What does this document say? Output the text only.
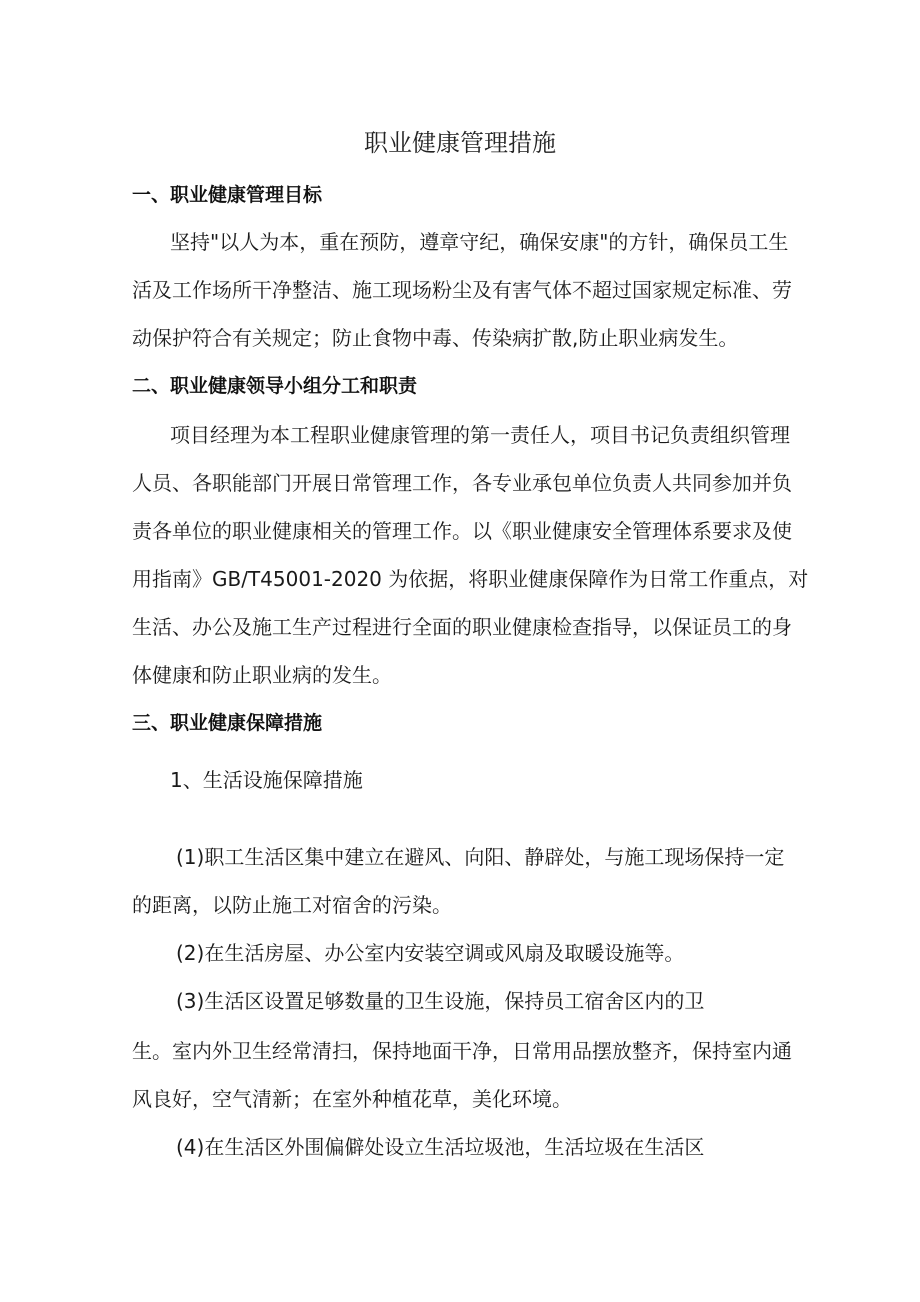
职业健康管理措施
一、职业健康管理目标
坚持"以人为本，重在预防，遵章守纪，确保安康"的方针，确保员工生
活及工作场所干净整洁、施工现场粉尘及有害气体不超过国家规定标准、劳
动保护符合有关规定；防止食物中毒、传染病扩散,防止职业病发生。
二、职业健康领导小组分工和职责
项目经理为本工程职业健康管理的第一责任人，项目书记负责组织管理
人员、各职能部门开展日常管理工作，各专业承包单位负责人共同参加并负
责各单位的职业健康相关的管理工作。以《职业健康安全管理体系要求及使
用指南》GB/T45001-2020 为依据，将职业健康保障作为日常工作重点，对
生活、办公及施工生产过程进行全面的职业健康检查指导，以保证员工的身
体健康和防止职业病的发生。
三、职业健康保障措施
1、生活设施保障措施
(1)职工生活区集中建立在避风、向阳、静辟处，与施工现场保持一定
的距离，以防止施工对宿舍的污染。
(2)在生活房屋、办公室内安装空调或风扇及取暖设施等。
(3)生活区设置足够数量的卫生设施，保持员工宿舍区内的卫
生。室内外卫生经常清扫，保持地面干净，日常用品摆放整齐，保持室内通
风良好，空气清新；在室外种植花草，美化环境。
(4)在生活区外围偏僻处设立生活垃圾池，生活垃圾在生活区
